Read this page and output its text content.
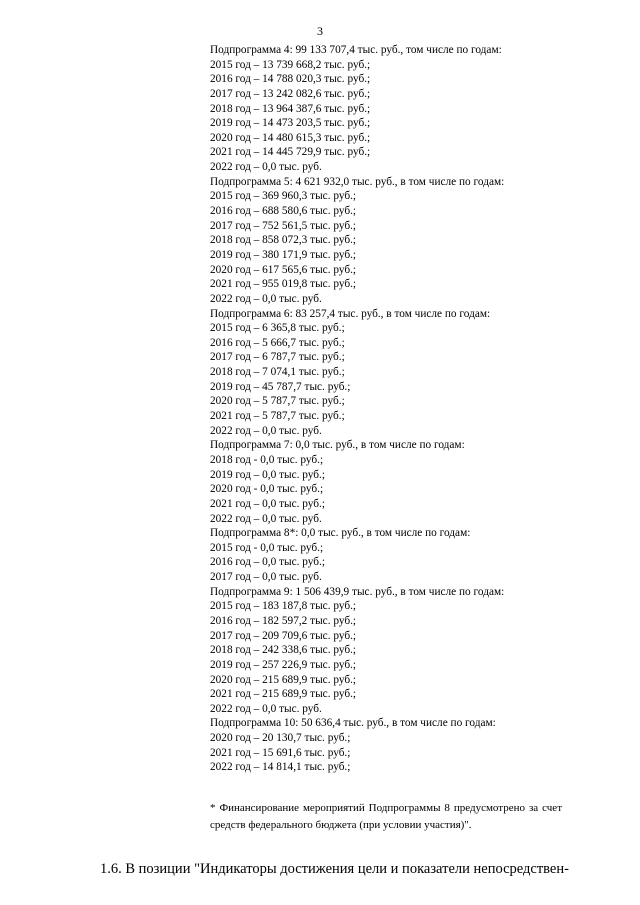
3
Подпрограмма 4: 99 133 707,4 тыс. руб., том числе по годам:
2015 год – 13 739 668,2 тыс. руб.;
2016 год – 14 788 020,3 тыс. руб.;
2017 год – 13 242 082,6 тыс. руб.;
2018 год – 13 964 387,6 тыс. руб.;
2019 год – 14 473 203,5 тыс. руб.;
2020 год – 14 480 615,3 тыс. руб.;
2021 год – 14 445 729,9 тыс. руб.;
2022 год – 0,0 тыс. руб.
Подпрограмма 5: 4 621 932,0 тыс. руб., в том числе по годам:
2015 год – 369 960,3 тыс. руб.;
2016 год – 688 580,6 тыс. руб.;
2017 год – 752 561,5 тыс. руб.;
2018 год – 858 072,3 тыс. руб.;
2019 год – 380 171,9 тыс. руб.;
2020 год – 617 565,6 тыс. руб.;
2021 год – 955 019,8 тыс. руб.;
2022 год – 0,0 тыс. руб.
Подпрограмма 6: 83 257,4 тыс. руб., в том числе по годам:
2015 год – 6 365,8 тыс. руб.;
2016 год – 5 666,7 тыс. руб.;
2017 год – 6 787,7 тыс. руб.;
2018 год – 7 074,1 тыс. руб.;
2019 год – 45 787,7 тыс. руб.;
2020 год – 5 787,7 тыс. руб.;
2021 год – 5 787,7 тыс. руб.;
2022 год – 0,0 тыс. руб.
Подпрограмма 7: 0,0 тыс. руб., в том числе по годам:
2018 год - 0,0 тыс. руб.;
2019 год – 0,0 тыс. руб.;
2020 год - 0,0 тыс. руб.;
2021 год – 0,0 тыс. руб.;
2022 год – 0,0 тыс. руб.
Подпрограмма 8*: 0,0 тыс. руб., в том числе по годам:
2015 год - 0,0 тыс. руб.;
2016 год – 0,0 тыс. руб.;
2017 год – 0,0 тыс. руб.
Подпрограмма 9: 1 506 439,9 тыс. руб., в том числе по годам:
2015 год – 183 187,8 тыс. руб.;
2016 год – 182 597,2 тыс. руб.;
2017 год – 209 709,6 тыс. руб.;
2018 год – 242 338,6 тыс. руб.;
2019 год – 257 226,9 тыс. руб.;
2020 год – 215 689,9 тыс. руб.;
2021 год – 215 689,9 тыс. руб.;
2022 год – 0,0 тыс. руб.
Подпрограмма 10: 50 636,4 тыс. руб., в том числе по годам:
2020 год – 20 130,7 тыс. руб.;
2021 год – 15 691,6 тыс. руб.;
2022 год – 14 814,1 тыс. руб.;
* Финансирование мероприятий Подпрограммы 8 предусмотрено за счет средств федерального бюджета (при условии участия)".
1.6. В позиции "Индикаторы достижения цели и показатели непосредствен-
